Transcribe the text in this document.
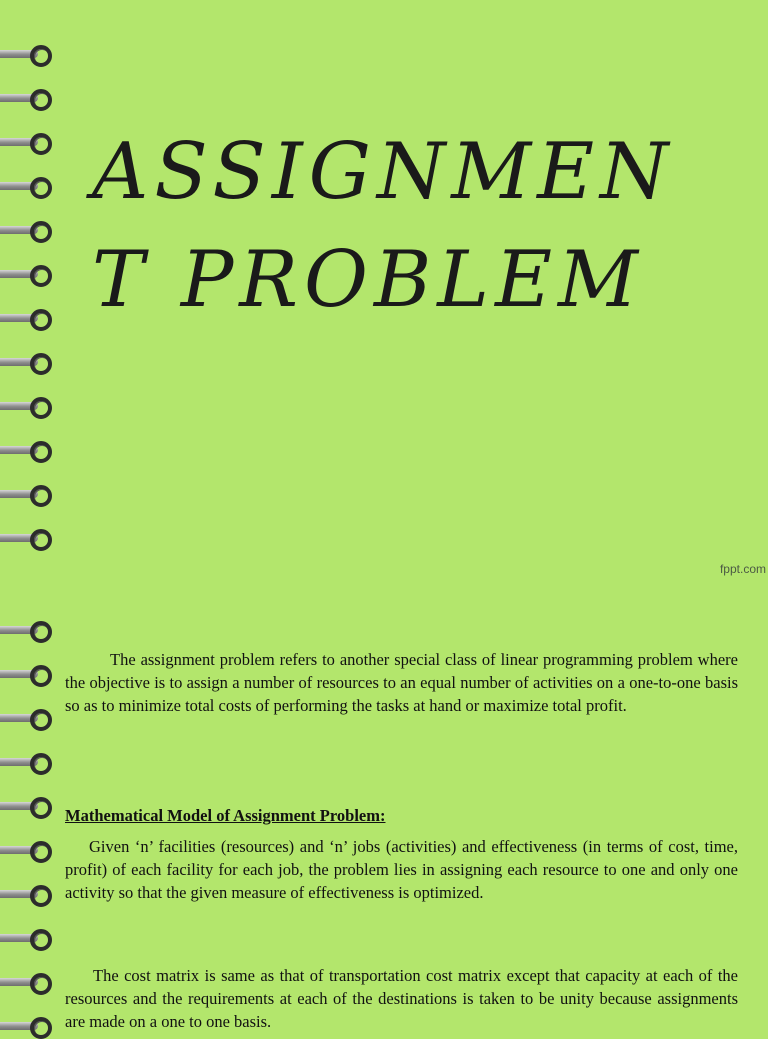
ASSIGNMEN
T PROBLEM
fppt.com

The assignment problem refers to another special class of linear programming problem where the objective is to assign a number of resources to an equal number of activities on a one-to-one basis so as to minimize total costs of performing the tasks at hand or maximize total profit.

Mathematical Model of Assignment Problem:

Given ‘n’ facilities (resources) and ‘n’ jobs (activities) and effectiveness (in terms of cost, time, profit) of each facility for each job, the problem lies in assigning each resource to one and only one activity so that the given measure of effectiveness is optimized.

The cost matrix is same as that of transportation cost matrix except that capacity at each of the resources and the requirements at each of the destinations is taken to be unity because assignments are made on a one to one basis.
